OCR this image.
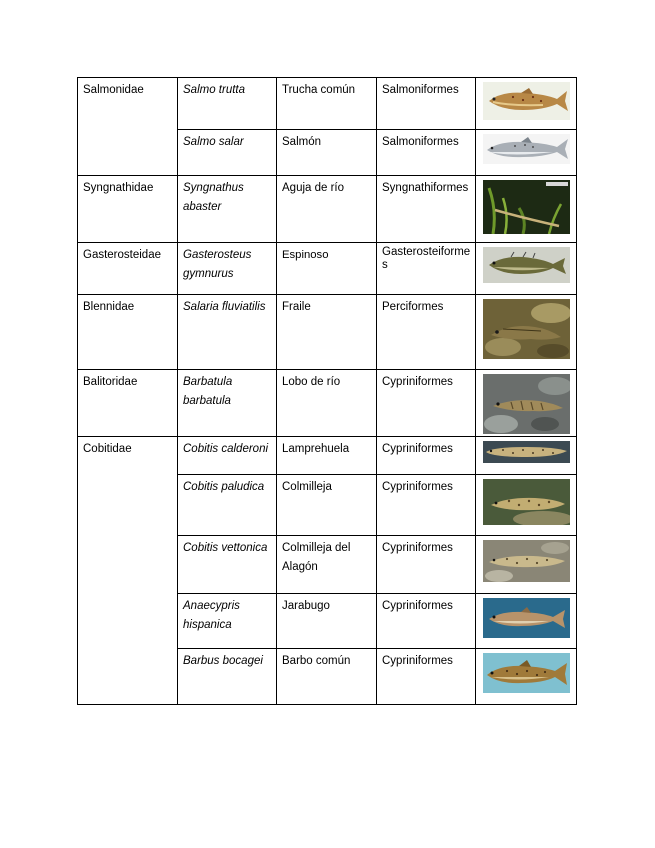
Salmonidae	Salmo trutta	Trucha común	Salmoniformes	

	Salmo salar	Salmón	Salmoniformes	

Syngnathidae	Syngnathus abaster	Aguja de río	Syngnathiformes	

Gasterosteidae	Gasterosteus gymnurus	Espinoso	Gasterosteiformes	

Blennidae	Salaria fluviatilis	Fraile	Perciformes	

Balitoridae	Barbatula barbatula	Lobo de río	Cypriniformes	

Cobitidae	Cobitis calderoni	Lamprehuela	Cypriniformes	

	Cobitis paludica	Colmilleja	Cypriniformes	

	Cobitis vettonica	Colmilleja del Alagón	Cypriniformes	

	Anaecypris hispanica	Jarabugo	Cypriniformes	

	Barbus bocagei	Barbo común	Cypriniformes	
